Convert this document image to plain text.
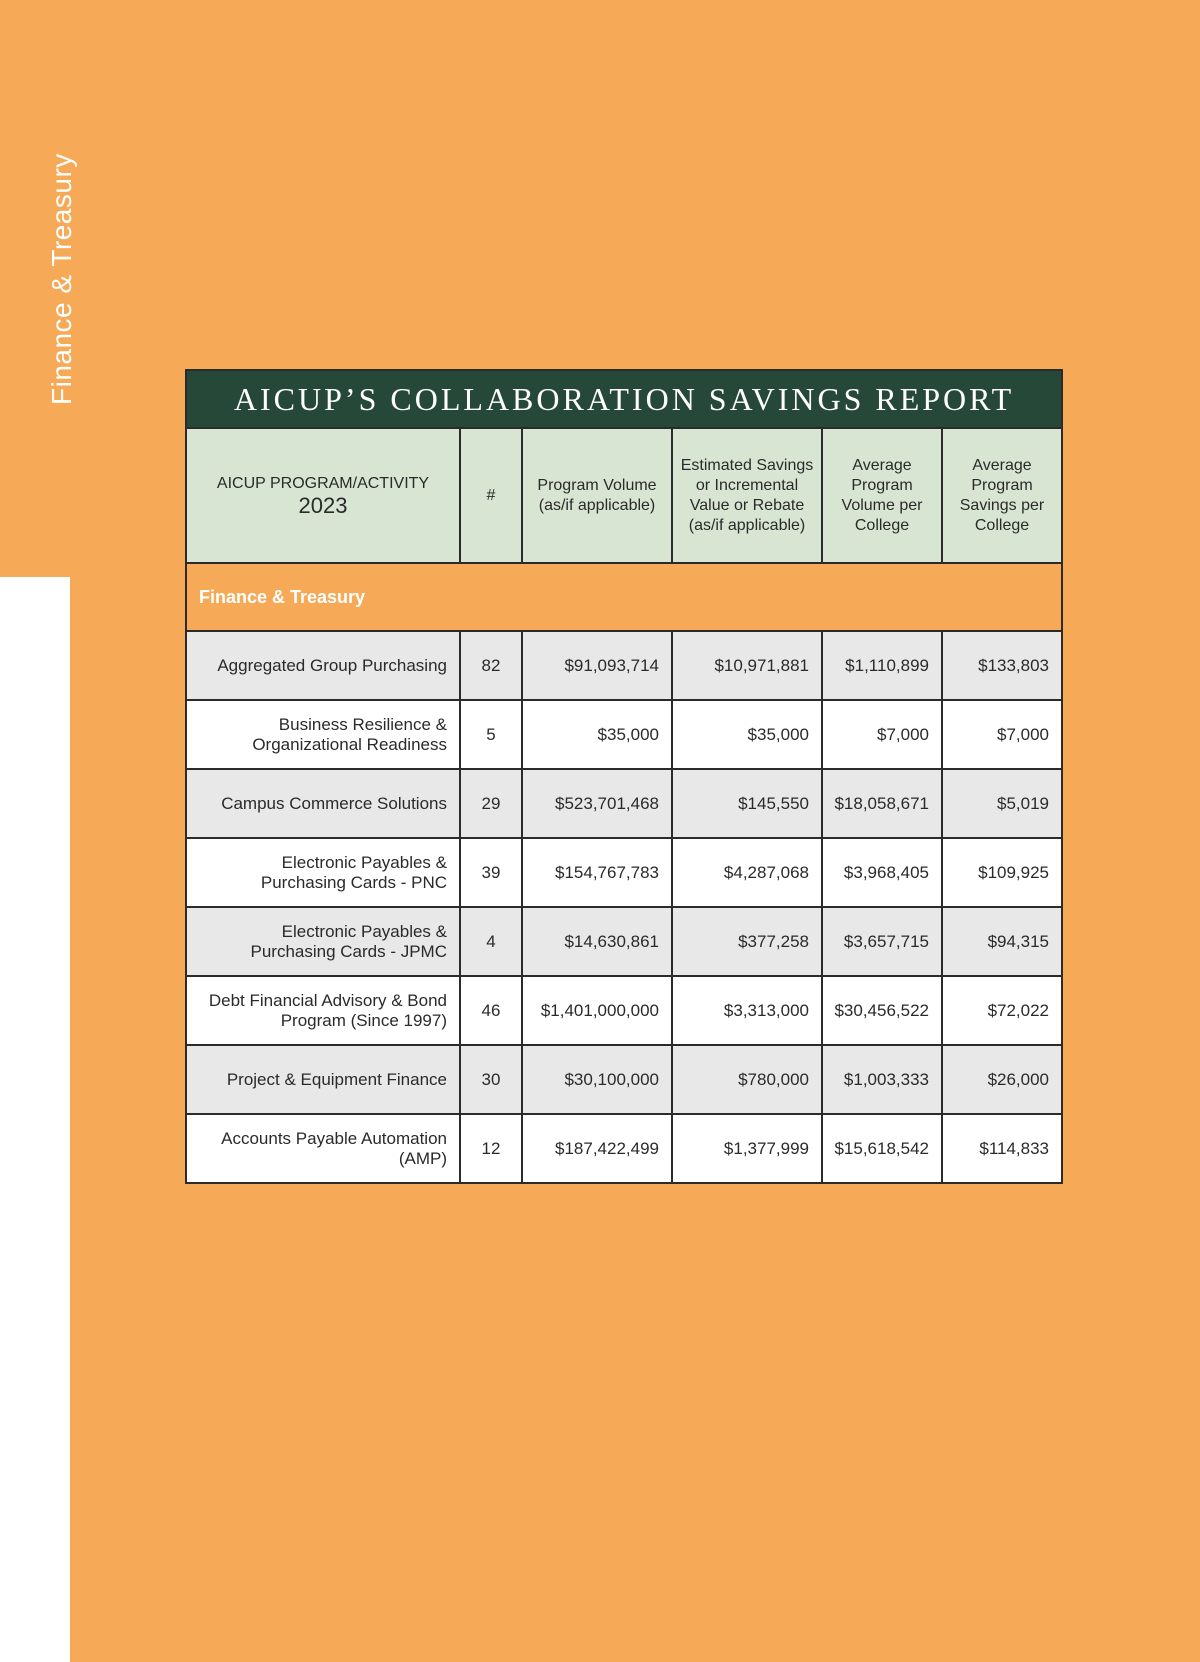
Finance & Treasury	AICUP’S COLLABORATION SAVINGS REPORT					
AICUP PROGRAM/ACTIVITY
2023	#	Program Volume (as/if applicable)	Estimated Savings or Incremental Value or Rebate (as/if applicable)	Average Program Volume per College	Average Program Savings per College
Finance & Treasury					
Aggregated Group Purchasing	82	$91,093,714	$10,971,881	$1,110,899	$133,803
Business Resilience & Organizational Readiness	5	$35,000	$35,000	$7,000	$7,000
Campus Commerce Solutions	29	$523,701,468	$145,550	$18,058,671	$5,019
Electronic Payables & Purchasing Cards - PNC	39	$154,767,783	$4,287,068	$3,968,405	$109,925
Electronic Payables & Purchasing Cards - JPMC	4	$14,630,861	$377,258	$3,657,715	$94,315
Debt Financial Advisory & Bond Program (Since 1997)	46	$1,401,000,000	$3,313,000	$30,456,522	$72,022
Project & Equipment Finance	30	$30,100,000	$780,000	$1,003,333	$26,000
Accounts Payable Automation (AMP)	12	$187,422,499	$1,377,999	$15,618,542	$114,833
